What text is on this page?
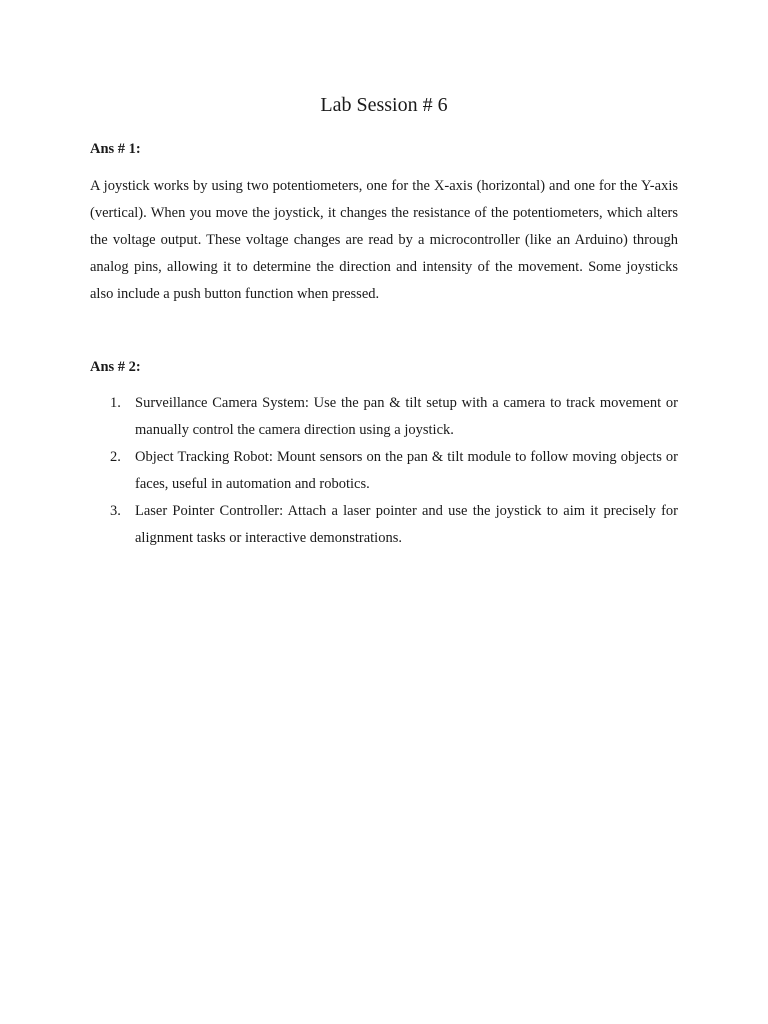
Lab Session # 6

Ans # 1:

A joystick works by using two potentiometers, one for the X-axis (horizontal) and one for the Y-axis (vertical). When you move the joystick, it changes the resistance of the potentiometers, which alters the voltage output. These voltage changes are read by a microcontroller (like an Arduino) through analog pins, allowing it to determine the direction and intensity of the movement. Some joysticks also include a push button function when pressed.

Ans # 2:

1. Surveillance Camera System: Use the pan & tilt setup with a camera to track movement or manually control the camera direction using a joystick.
2. Object Tracking Robot: Mount sensors on the pan & tilt module to follow moving objects or faces, useful in automation and robotics.
3. Laser Pointer Controller: Attach a laser pointer and use the joystick to aim it precisely for alignment tasks or interactive demonstrations.
